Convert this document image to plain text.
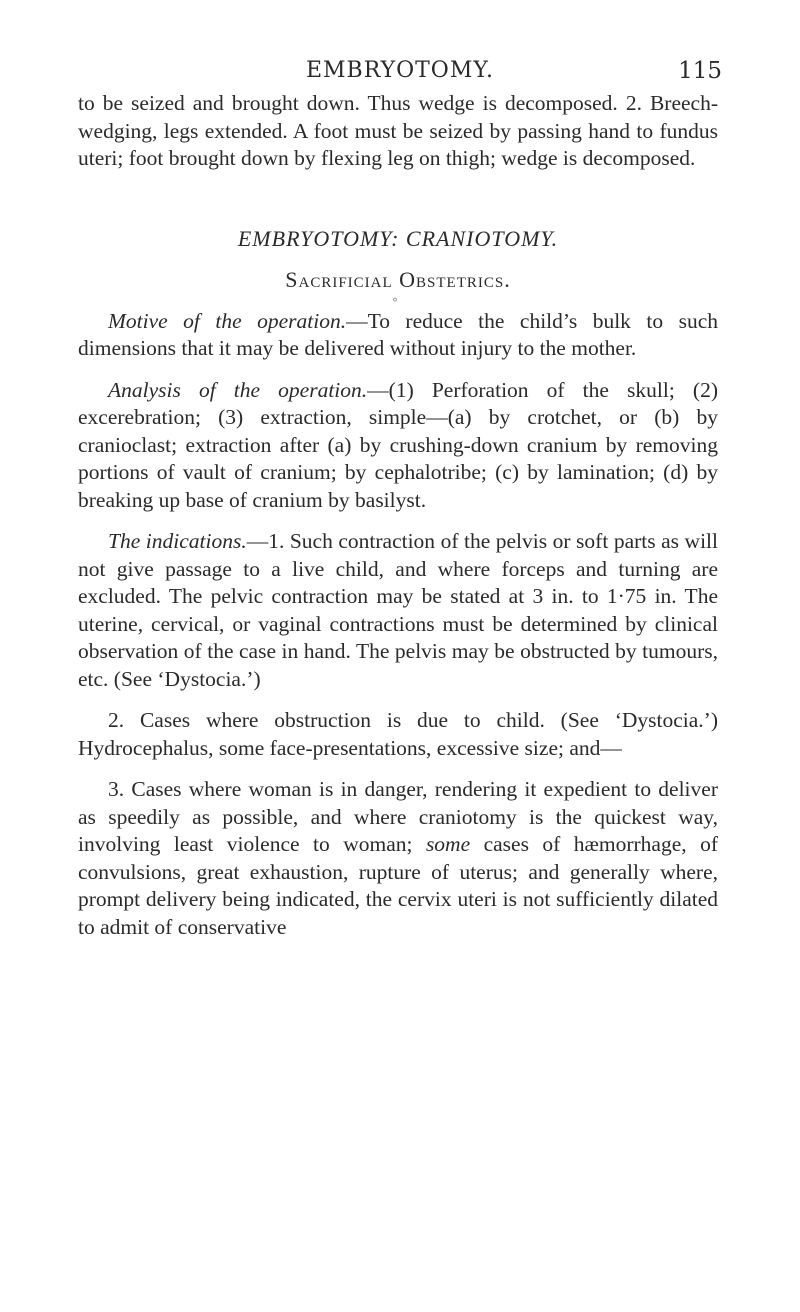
EMBRYOTOMY.	115
°

to be seized and brought down. Thus wedge is decomposed. 2. Breech-wedging, legs extended. A foot must be seized by passing hand to fundus uteri; foot brought down by flexing leg on thigh; wedge is decomposed.

EMBRYOTOMY: CRANIOTOMY.

Sacrificial Obstetrics.

Motive of the operation.—To reduce the child’s bulk to such dimensions that it may be delivered without injury to the mother.

Analysis of the operation.—(1) Perforation of the skull; (2) excerebration; (3) extraction, simple—(a) by crotchet, or (b) by cranioclast; extraction after (a) by crushing-down cranium by removing portions of vault of cranium; by cephalotribe; (c) by lamination; (d) by breaking up base of cranium by basilyst.

The indications.—1. Such contraction of the pelvis or soft parts as will not give passage to a live child, and where forceps and turning are excluded. The pelvic contraction may be stated at 3 in. to 1·75 in. The uterine, cervical, or vaginal contractions must be determined by clinical observation of the case in hand. The pelvis may be obstructed by tumours, etc. (See ‘Dystocia.’)

2. Cases where obstruction is due to child. (See ‘Dystocia.’) Hydrocephalus, some face-presentations, excessive size; and—

3. Cases where woman is in danger, rendering it expedient to deliver as speedily as possible, and where craniotomy is the quickest way, involving least violence to woman; some cases of hæmorrhage, of convulsions, great exhaustion, rupture of uterus; and generally where, prompt delivery being indicated, the cervix uteri is not sufficiently dilated to admit of conservative
